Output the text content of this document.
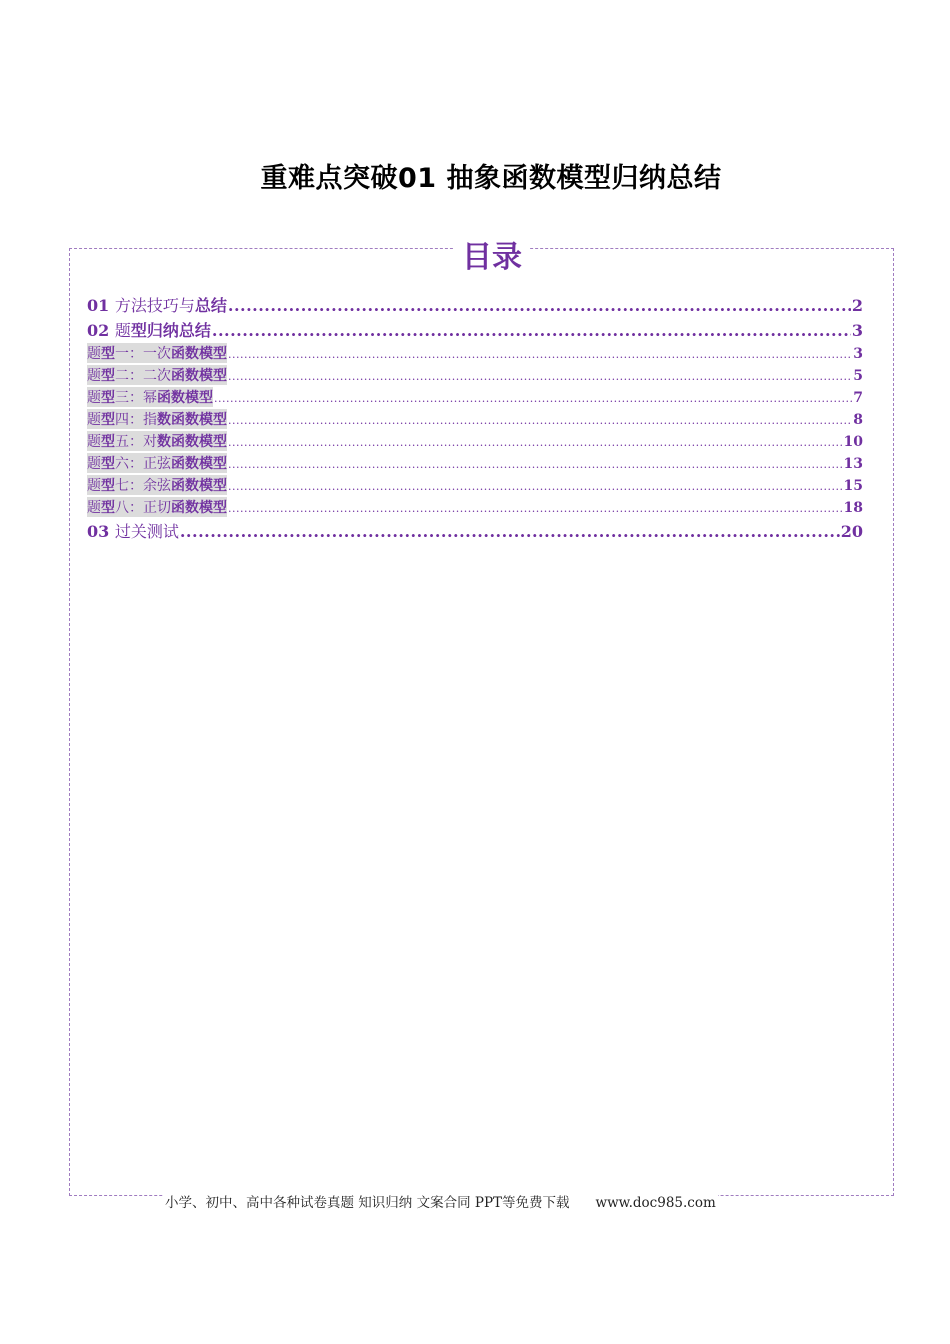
重难点突破01 抽象函数模型归纳总结
目录
01 方法技巧与总结 .....	2
02 题型归纳总结 .....	3
题型一：一次函数模型 .....	3
题型二：二次函数模型 .....	5
题型三：幂函数模型 .....	7
题型四：指数函数模型 .....	8
题型五：对数函数模型 .....	10
题型六：正弦函数模型 .....	13
题型七：余弦函数模型 .....	15
题型八：正切函数模型 .....	18
03 过关测试 .....	20
小学、初中、高中各种试卷真题 知识归纳 文案合同 PPT等免费下载 www.doc985.com
